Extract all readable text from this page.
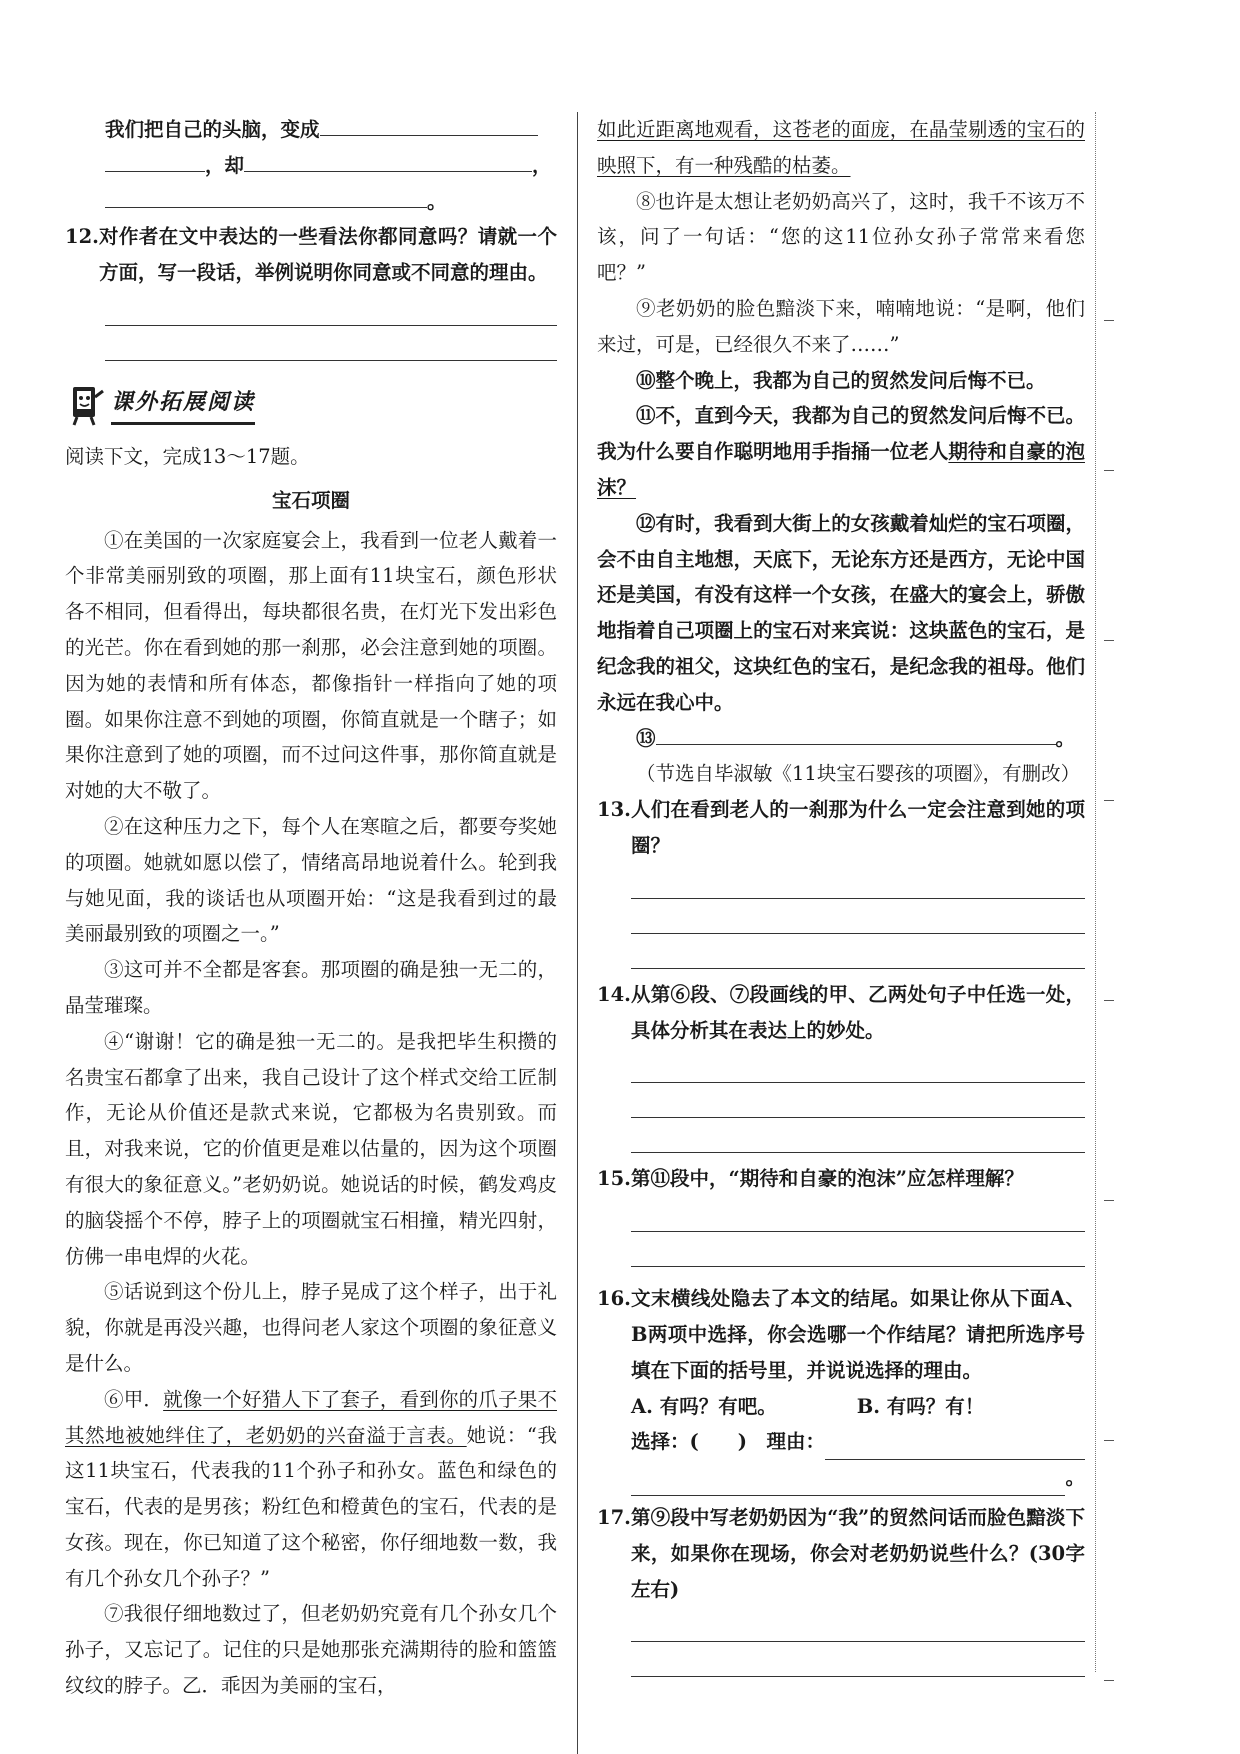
我们把自己的头脑，变成

，却	，

。

12. 对作者在文中表达的一些看法你都同意吗？请就一个方面，写一段话，举例说明你同意或不同意的理由。
课外拓展阅读

阅读下文，完成13～17题。

宝石项圈

①在美国的一次家庭宴会上，我看到一位老人戴着一个非常美丽别致的项圈，那上面有11块宝石，颜色形状各不相同，但看得出，每块都很名贵，在灯光下发出彩色的光芒。你在看到她的那一刹那，必会注意到她的项圈。因为她的表情和所有体态，都像指针一样指向了她的项圈。如果你注意不到她的项圈，你简直就是一个瞎子；如果你注意到了她的项圈，而不过问这件事，那你简直就是对她的大不敬了。

②在这种压力之下，每个人在寒暄之后，都要夸奖她的项圈。她就如愿以偿了，情绪高昂地说着什么。轮到我与她见面，我的谈话也从项圈开始：“这是我看到过的最美丽最别致的项圈之一。”

③这可并不全都是客套。那项圈的确是独一无二的，晶莹璀璨。

④“谢谢！它的确是独一无二的。是我把毕生积攒的名贵宝石都拿了出来，我自己设计了这个样式交给工匠制作，无论从价值还是款式来说，它都极为名贵别致。而且，对我来说，它的价值更是难以估量的，因为这个项圈有很大的象征意义。”老奶奶说。她说话的时候，鹤发鸡皮的脑袋摇个不停，脖子上的项圈就宝石相撞，精光四射，仿佛一串电焊的火花。

⑤话说到这个份儿上，脖子晃成了这个样子，出于礼貌，你就是再没兴趣，也得问老人家这个项圈的象征意义是什么。

⑥甲．就像一个好猎人下了套子，看到你的爪子果不其然地被她绊住了，老奶奶的兴奋溢于言表。她说：“我这11块宝石，代表我的11个孙子和孙女。蓝色和绿色的宝石，代表的是男孩；粉红色和橙黄色的宝石，代表的是女孩。现在，你已知道了这个秘密，你仔细地数一数，我有几个孙女几个孙子？”

⑦我很仔细地数过了，但老奶奶究竟有几个孙女几个孙子，又忘记了。记住的只是她那张充满期待的脸和篮篮纹纹的脖子。乙．乖因为美丽的宝石，

如此近距离地观看，这苍老的面庞，在晶莹剔透的宝石的映照下，有一种残酷的枯萎。

⑧也许是太想让老奶奶高兴了，这时，我千不该万不该，问了一句话：“您的这11位孙女孙子常常来看您吧？”

⑨老奶奶的脸色黯淡下来，喃喃地说：“是啊，他们来过，可是，已经很久不来了……”

⑩整个晚上，我都为自己的贸然发问后悔不已。

⑪不，直到今天，我都为自己的贸然发问后悔不已。我为什么要自作聪明地用手指捅一位老人期待和自豪的泡沫？

⑫有时，我看到大街上的女孩戴着灿烂的宝石项圈，会不由自主地想，天底下，无论东方还是西方，无论中国还是美国，有没有这样一个女孩，在盛大的宴会上，骄傲地指着自己项圈上的宝石对来宾说：这块蓝色的宝石，是纪念我的祖父，这块红色的宝石，是纪念我的祖母。他们永远在我心中。

⑬	。

（节选自毕淑敏《11块宝石婴孩的项圈》，有删改）

13. 人们在看到老人的一刹那为什么一定会注意到她的项圈？
14. 从第⑥段、⑦段画线的甲、乙两处句子中任选一处，具体分析其在表达上的妙处。
15. 第⑪段中，“期待和自豪的泡沫”应怎样理解？
16. 文末横线处隐去了本文的结尾。如果让你从下面A、B两项中选择，你会选哪一个作结尾？请把所选序号填在下面的括号里，并说说选择的理由。
A. 有吗？有吧。	B. 有吗？有！
选择：(　　)　理由：
。
17. 第⑨段中写老奶奶因为“我”的贸然问话而脸色黯淡下来，如果你在现场，你会对老奶奶说些什么？(30字左右)
